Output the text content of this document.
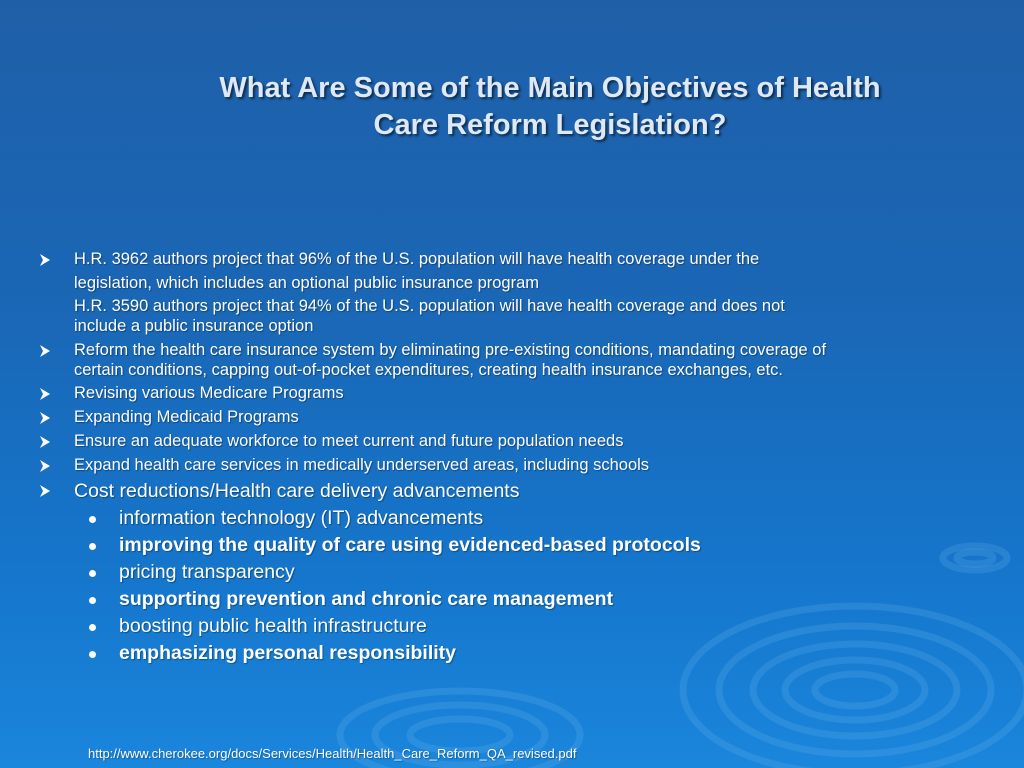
What Are Some of the Main Objectives of Health
Care Reform Legislation?
H.R. 3962 authors project that 96% of the U.S. population will have health coverage under the
legislation, which includes an optional public insurance program
H.R. 3590 authors project that 94% of the U.S. population will have health coverage and does not
include a public insurance option
Reform the health care insurance system by eliminating pre-existing conditions, mandating coverage of
certain conditions, capping out-of-pocket expenditures, creating health insurance exchanges, etc.
Revising various Medicare Programs
Expanding Medicaid Programs
Ensure an adequate workforce to meet current and future population needs
Expand health care services in medically underserved areas, including schools
Cost reductions/Health care delivery advancements
information technology (IT) advancements
improving the quality of care using evidenced-based protocols
pricing transparency
supporting prevention and chronic care management
boosting public health infrastructure
emphasizing personal responsibility
http://www.cherokee.org/docs/Services/Health/Health_Care_Reform_QA_revised.pdf
